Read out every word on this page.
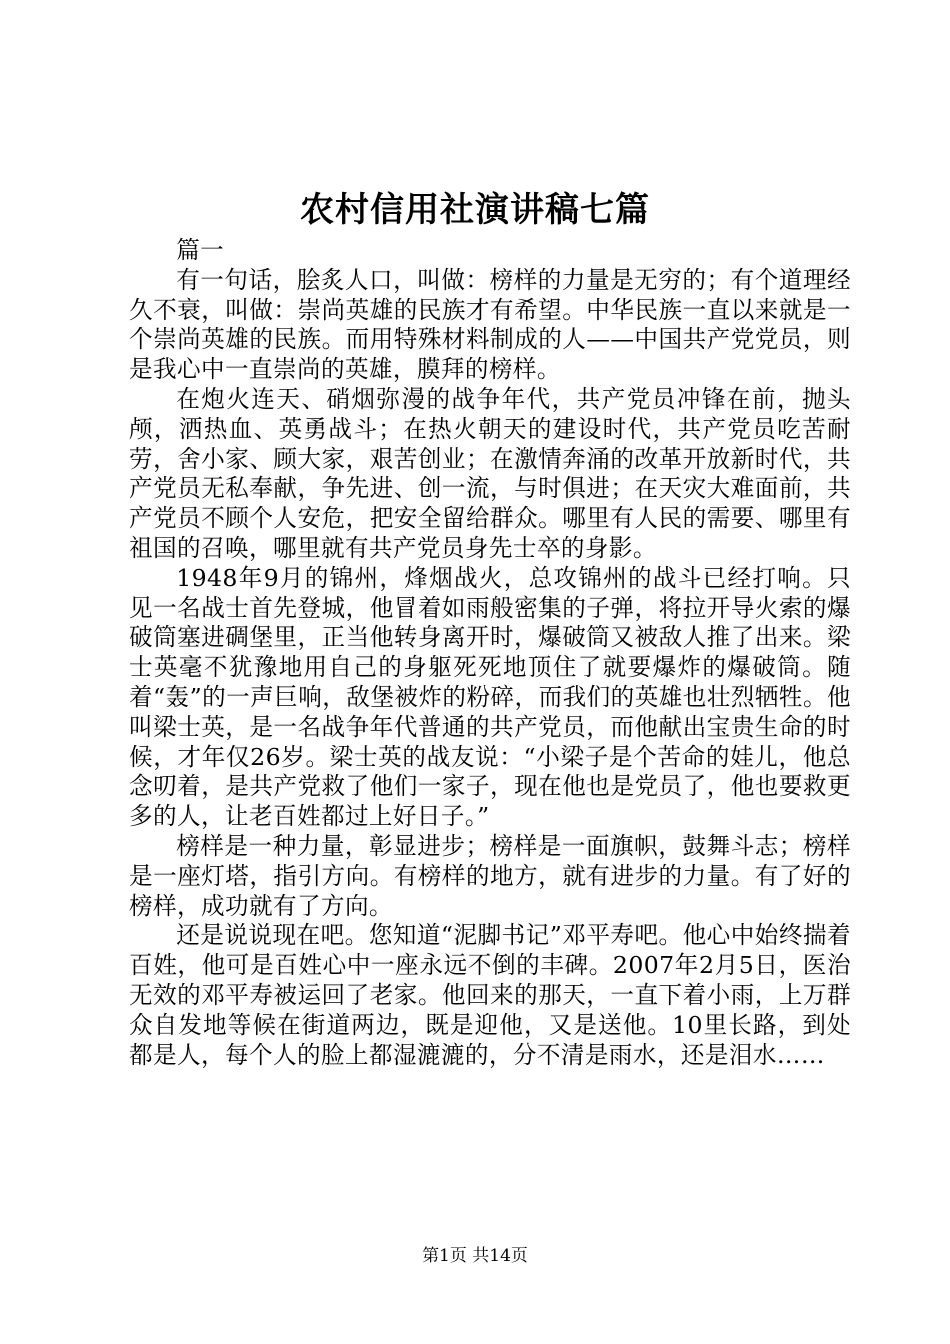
农村信用社演讲稿七篇

篇一

有一句话，脍炙人口，叫做：榜样的力量是无穷的；有个道理经久不衰，叫做：崇尚英雄的民族才有希望。中华民族一直以来就是一个崇尚英雄的民族。而用特殊材料制成的人——中国共产党党员，则是我心中一直崇尚的英雄，膜拜的榜样。

在炮火连天、硝烟弥漫的战争年代，共产党员冲锋在前，抛头颅，洒热血、英勇战斗；在热火朝天的建设时代，共产党员吃苦耐劳，舍小家、顾大家，艰苦创业；在激情奔涌的改革开放新时代，共产党员无私奉献，争先进、创一流，与时俱进；在天灾大难面前，共产党员不顾个人安危，把安全留给群众。哪里有人民的需要、哪里有祖国的召唤，哪里就有共产党员身先士卒的身影。

1948年9月的锦州，烽烟战火，总攻锦州的战斗已经打响。只见一名战士首先登城，他冒着如雨般密集的子弹，将拉开导火索的爆破筒塞进碉堡里，正当他转身离开时，爆破筒又被敌人推了出来。梁士英毫不犹豫地用自己的身躯死死地顶住了就要爆炸的爆破筒。随着“轰”的一声巨响，敌堡被炸的粉碎，而我们的英雄也壮烈牺牲。他叫梁士英，是一名战争年代普通的共产党员，而他献出宝贵生命的时候，才年仅26岁。梁士英的战友说：“小梁子是个苦命的娃儿，他总念叨着，是共产党救了他们一家子，现在他也是党员了，他也要救更多的人，让老百姓都过上好日子。”

榜样是一种力量，彰显进步；榜样是一面旗帜，鼓舞斗志；榜样是一座灯塔，指引方向。有榜样的地方，就有进步的力量。有了好的榜样，成功就有了方向。

还是说说现在吧。您知道“泥脚书记”邓平寿吧。他心中始终揣着百姓，他可是百姓心中一座永远不倒的丰碑。2007年2月5日，医治无效的邓平寿被运回了老家。他回来的那天，一直下着小雨，上万群众自发地等候在街道两边，既是迎他，又是送他。10里长路，到处都是人，每个人的脸上都湿漉漉的，分不清是雨水，还是泪水……

第1页 共14页
